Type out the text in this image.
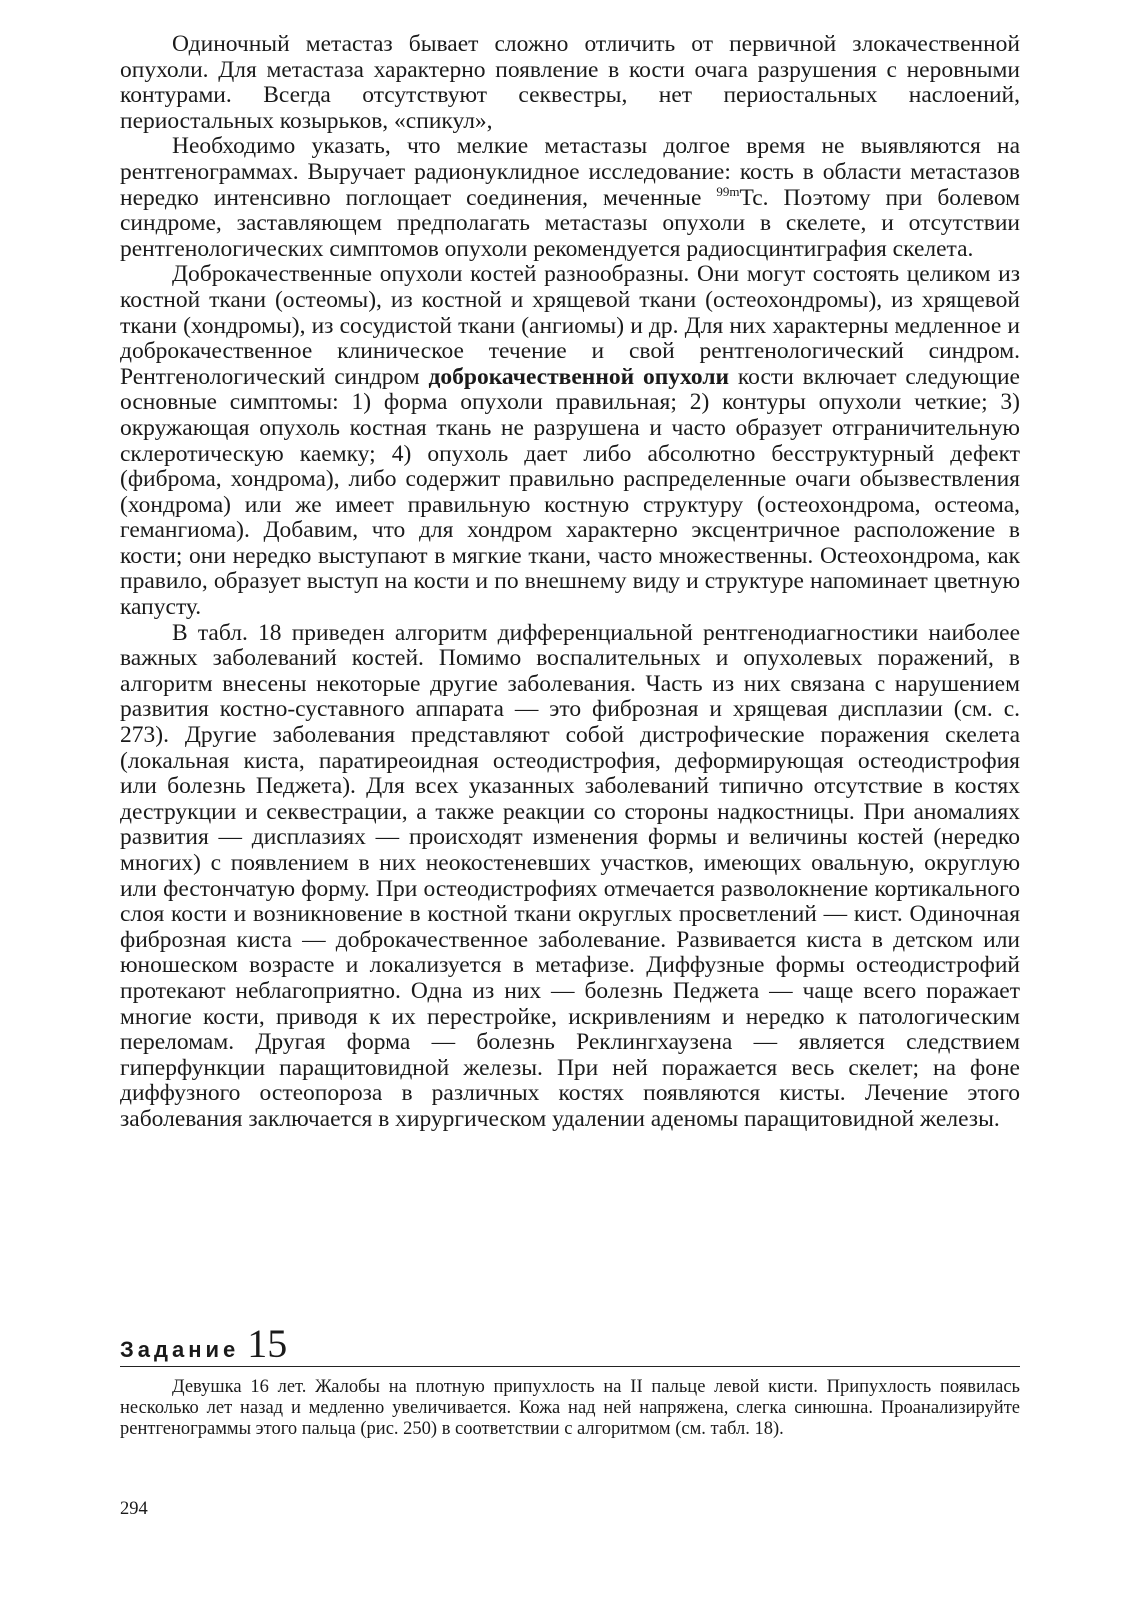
Одиночный метастаз бывает сложно отличить от первичной злокачественной опухоли. Для метастаза характерно появление в кости очага разрушения с неровными контурами. Всегда отсутствуют секвестры, нет периостальных наслоений, периостальных козырьков, «спикул»,

Необходимо указать, что мелкие метастазы долгое время не выявляются на рентгенограммах. Выручает радионуклидное исследование: кость в области метастазов нередко интенсивно поглощает соединения, меченные $^{99m}$Tc. Поэтому при болевом синдроме, заставляющем предполагать метастазы опухоли в скелете, и отсутствии рентгенологических симптомов опухоли рекомендуется радиосцинтиграфия скелета.

Доброкачественные опухоли костей разнообразны. Они могут состоять целиком из костной ткани (остеомы), из костной и хрящевой ткани (остеохондромы), из хрящевой ткани (хондромы), из сосудистой ткани (ангиомы) и др. Для них характерны медленное и доброкачественное клиническое течение и свой рентгенологический синдром. Рентгенологический синдром доброкачественной опухоли кости включает следующие основные симптомы: 1) форма опухоли правильная; 2) контуры опухоли четкие; 3) окружающая опухоль костная ткань не разрушена и часто образует отграничительную склеротическую каемку; 4) опухоль дает либо абсолютно бесструктурный дефект (фиброма, хондрома), либо содержит правильно распределенные очаги обызвествления (хондрома) или же имеет правильную костную структуру (остеохондрома, остеома, гемангиома). Добавим, что для хондром характерно эксцентричное расположение в кости; они нередко выступают в мягкие ткани, часто множественны. Остеохондрома, как правило, образует выступ на кости и по внешнему виду и структуре напоминает цветную капусту.

В табл. 18 приведен алгоритм дифференциальной рентгенодиагностики наиболее важных заболеваний костей. Помимо воспалительных и опухолевых поражений, в алгоритм внесены некоторые другие заболевания. Часть из них связана с нарушением развития костно-суставного аппарата — это фиброзная и хрящевая дисплазии (см. с. 273). Другие заболевания представляют собой дистрофические поражения скелета (локальная киста, паратиреоидная остеодистрофия, деформирующая остеодистрофия или болезнь Педжета). Для всех указанных заболеваний типично отсутствие в костях деструкции и секвестрации, а также реакции со стороны надкостницы. При аномалиях развития — дисплазиях — происходят изменения формы и величины костей (нередко многих) с появлением в них неокостеневших участков, имеющих овальную, округлую или фестончатую форму. При остеодистрофиях отмечается разволокнение кортикального слоя кости и возникновение в костной ткани округлых просветлений — кист. Одиночная фиброзная киста — доброкачественное заболевание. Развивается киста в детском или юношеском возрасте и локализуется в метафизе. Диффузные формы остеодистрофий протекают неблагоприятно. Одна из них — болезнь Педжета — чаще всего поражает многие кости, приводя к их перестройке, искривлениям и нередко к патологическим переломам. Другая форма — болезнь Реклингхаузена — является следствием гиперфункции паращитовидной железы. При ней поражается весь скелет; на фоне диффузного остеопороза в различных костях появляются кисты. Лечение этого заболевания заключается в хирургическом удалении аденомы паращитовидной железы.

Задание 15

Девушка 16 лет. Жалобы на плотную припухлость на II пальце левой кисти. Припухлость появилась несколько лет назад и медленно увеличивается. Кожа над ней напряжена, слегка синюшна. Проанализируйте рентгенограммы этого пальца (рис. 250) в соответствии с алгоритмом (см. табл. 18).

294
